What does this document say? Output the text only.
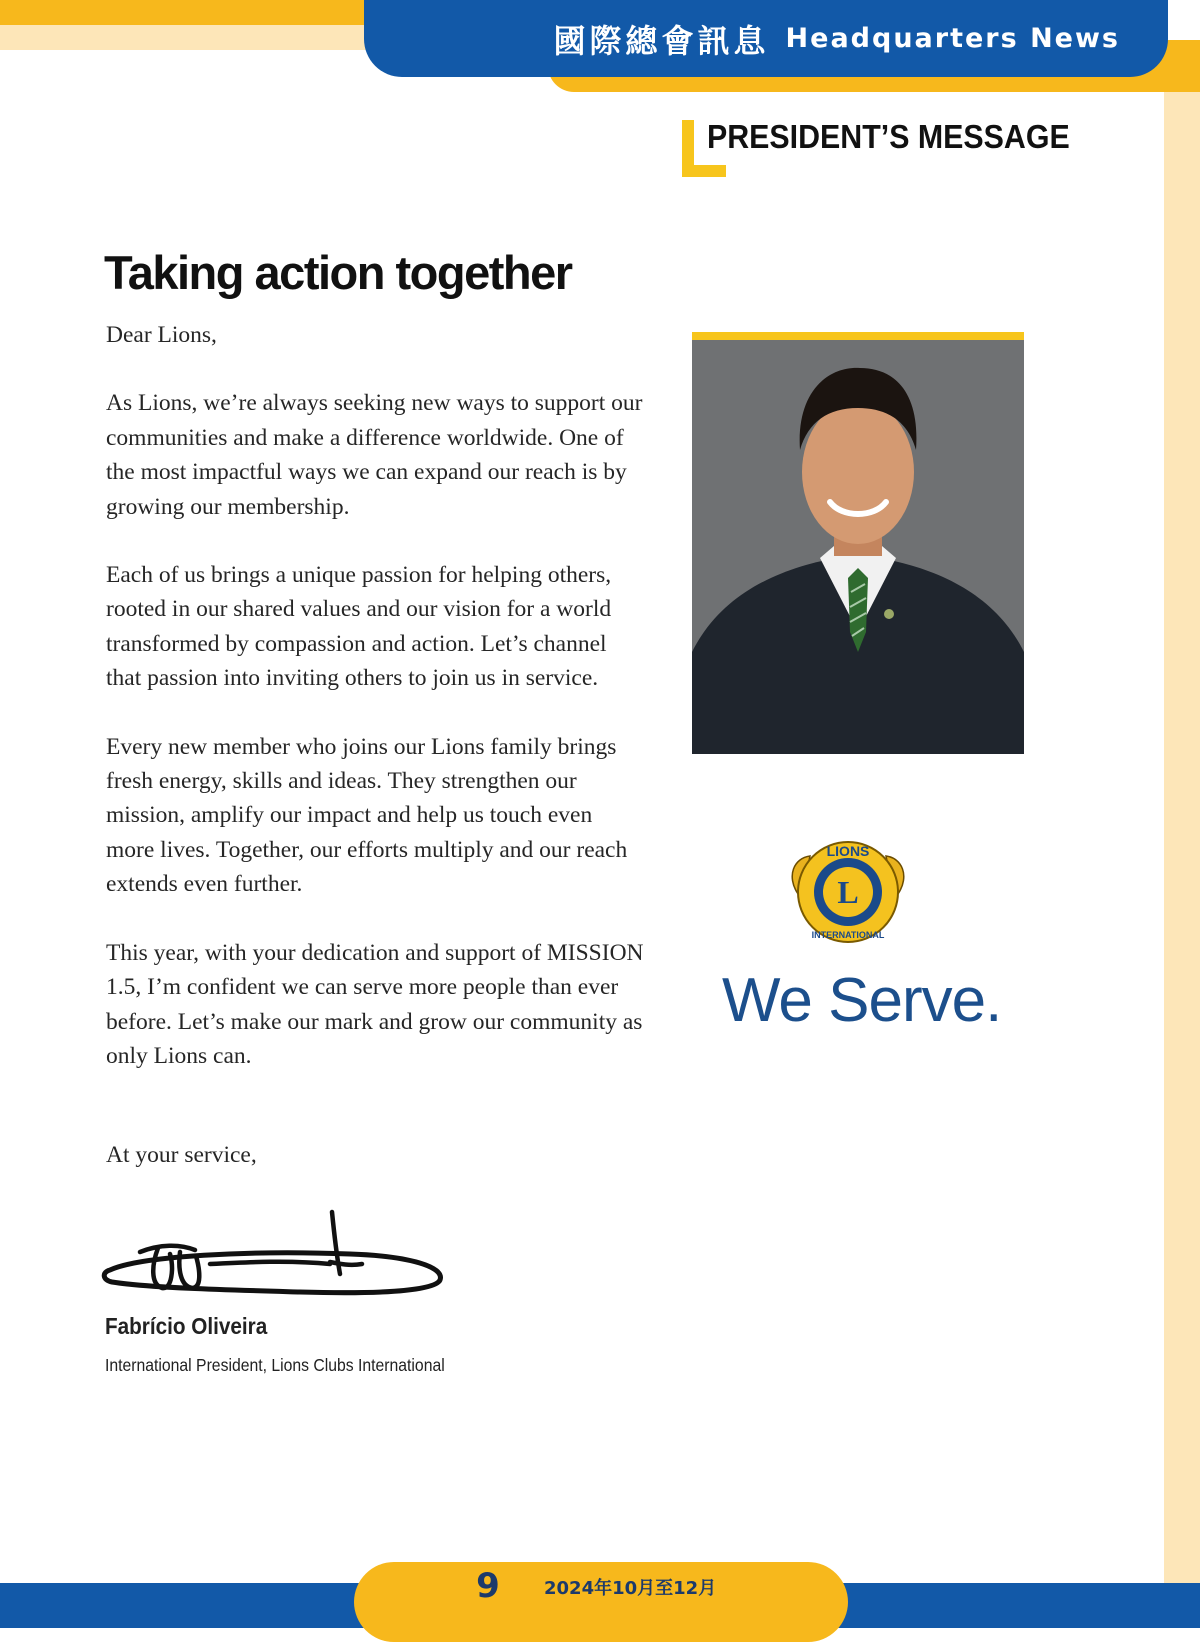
國際總會訊息 Headquarters News
PRESIDENT’S MESSAGE
Taking action together

Dear Lions,

As Lions, we’re always seeking new ways to support our communities and make a difference worldwide. One of the most impactful ways we can expand our reach is by growing our membership.

Each of us brings a unique passion for helping others, rooted in our shared values and our vision for a world transformed by compassion and action. Let’s channel that passion into inviting others to join us in service.

Every new member who joins our Lions family brings fresh energy, skills and ideas. They strengthen our mission, amplify our impact and help us touch even more lives. Together, our efforts multiply and our reach extends even further.

This year, with your dedication and support of MISSION 1.5, I’m confident we can serve more people than ever before. Let’s make our mark and grow our community as only Lions can.

At your service,
Fabrício Oliveira
International President, Lions Clubs International
L
LIONS
INTERNATIONAL
We Serve.
9	2024年10月至12月
